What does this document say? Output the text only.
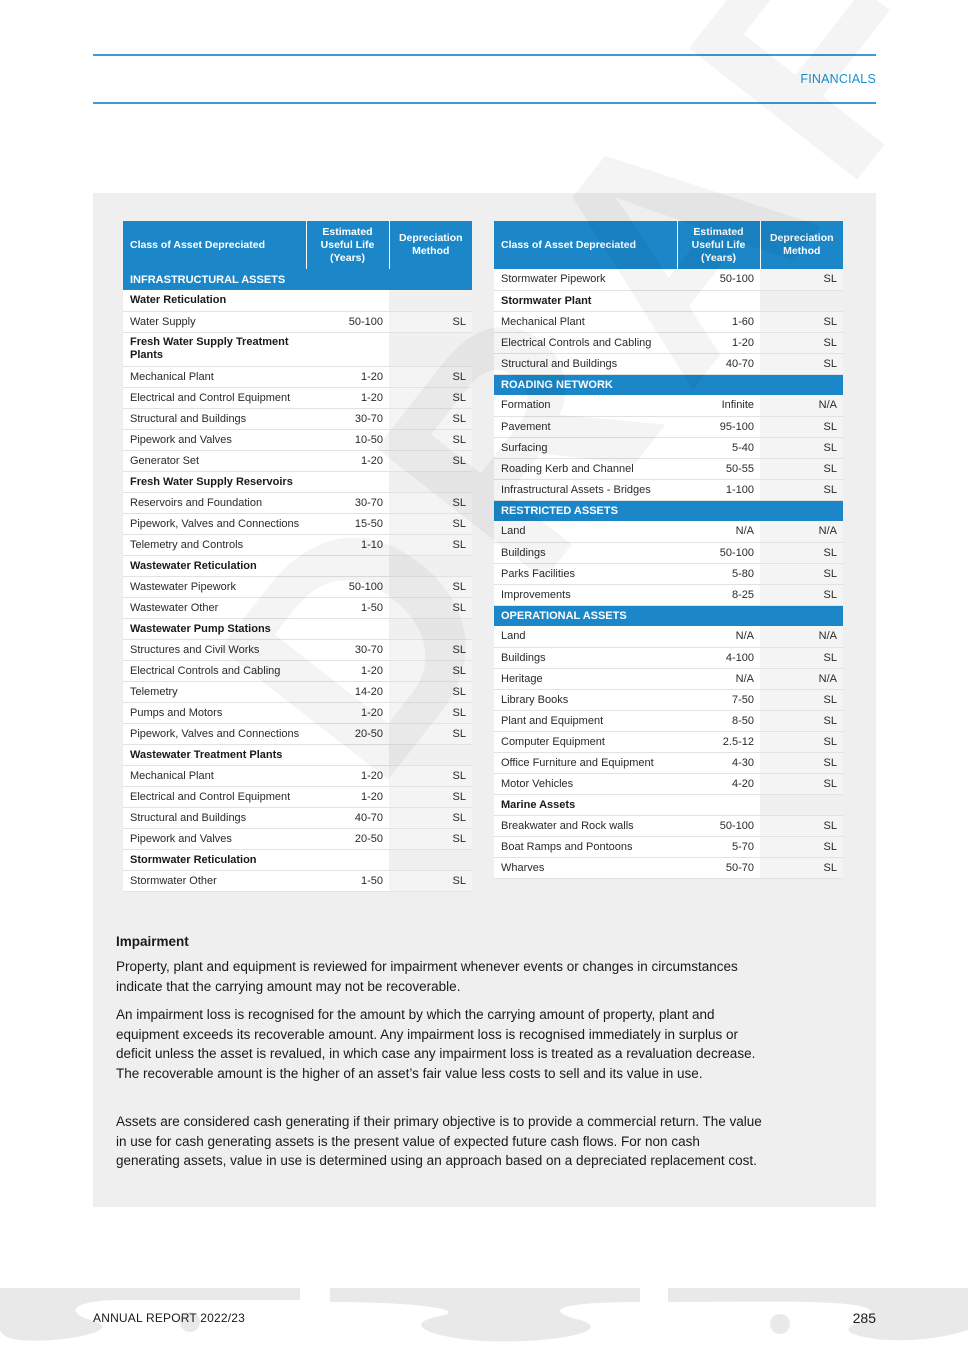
FINANCIALS
Class of Asset Depreciated	Estimated Useful Life (Years)	Depreciation Method
INFRASTRUCTURAL ASSETS		
Water Reticulation		
Water Supply	50-100	SL
Fresh Water Supply Treatment Plants		
Mechanical Plant	1-20	SL
Electrical and Control Equipment	1-20	SL
Structural and Buildings	30-70	SL
Pipework and Valves	10-50	SL
Generator Set	1-20	SL
Fresh Water Supply Reservoirs		
Reservoirs and Foundation	30-70	SL
Pipework, Valves and Connections	15-50	SL
Telemetry and Controls	1-10	SL
Wastewater Reticulation		
Wastewater Pipework	50-100	SL
Wastewater Other	1-50	SL
Wastewater Pump Stations		
Structures and Civil Works	30-70	SL
Electrical Controls and Cabling	1-20	SL
Telemetry	14-20	SL
Pumps and Motors	1-20	SL
Pipework, Valves and Connections	20-50	SL
Wastewater Treatment Plants		
Mechanical Plant	1-20	SL
Electrical and Control Equipment	1-20	SL
Structural and Buildings	40-70	SL
Pipework and Valves	20-50	SL
Stormwater Reticulation		
Stormwater Other	1-50	SL
Class of Asset Depreciated	Estimated Useful Life (Years)	Depreciation Method
Stormwater Pipework	50-100	SL
Stormwater Plant		
Mechanical Plant	1-60	SL
Electrical Controls and Cabling	1-20	SL
Structural and Buildings	40-70	SL
ROADING NETWORK		
Formation	Infinite	N/A
Pavement	95-100	SL
Surfacing	5-40	SL
Roading Kerb and Channel	50-55	SL
Infrastructural Assets - Bridges	1-100	SL
RESTRICTED ASSETS		
Land	N/A	N/A
Buildings	50-100	SL
Parks Facilities	5-80	SL
Improvements	8-25	SL
OPERATIONAL ASSETS		
Land	N/A	N/A
Buildings	4-100	SL
Heritage	N/A	N/A
Library Books	7-50	SL
Plant and Equipment	8-50	SL
Computer Equipment	2.5-12	SL
Office Furniture and Equipment	4-30	SL
Motor Vehicles	4-20	SL
Marine Assets		
Breakwater and Rock walls	50-100	SL
Boat Ramps and Pontoons	5-70	SL
Wharves	50-70	SL
Impairment

Property, plant and equipment is reviewed for impairment whenever events or changes in circumstances indicate that the carrying amount may not be recoverable.

An impairment loss is recognised for the amount by which the carrying amount of property, plant and equipment exceeds its recoverable amount. Any impairment loss is recognised immediately in surplus or deficit unless the asset is revalued, in which case any impairment loss is treated as a revaluation decrease. The recoverable amount is the higher of an asset’s fair value less costs to sell and its value in use.

Assets are considered cash generating if their primary objective is to provide a commercial return. The value in use for cash generating assets is the present value of expected future cash flows. For non cash generating assets, value in use is determined using an approach based on a depreciated replacement cost.

ANNUAL REPORT 2022/23	285
